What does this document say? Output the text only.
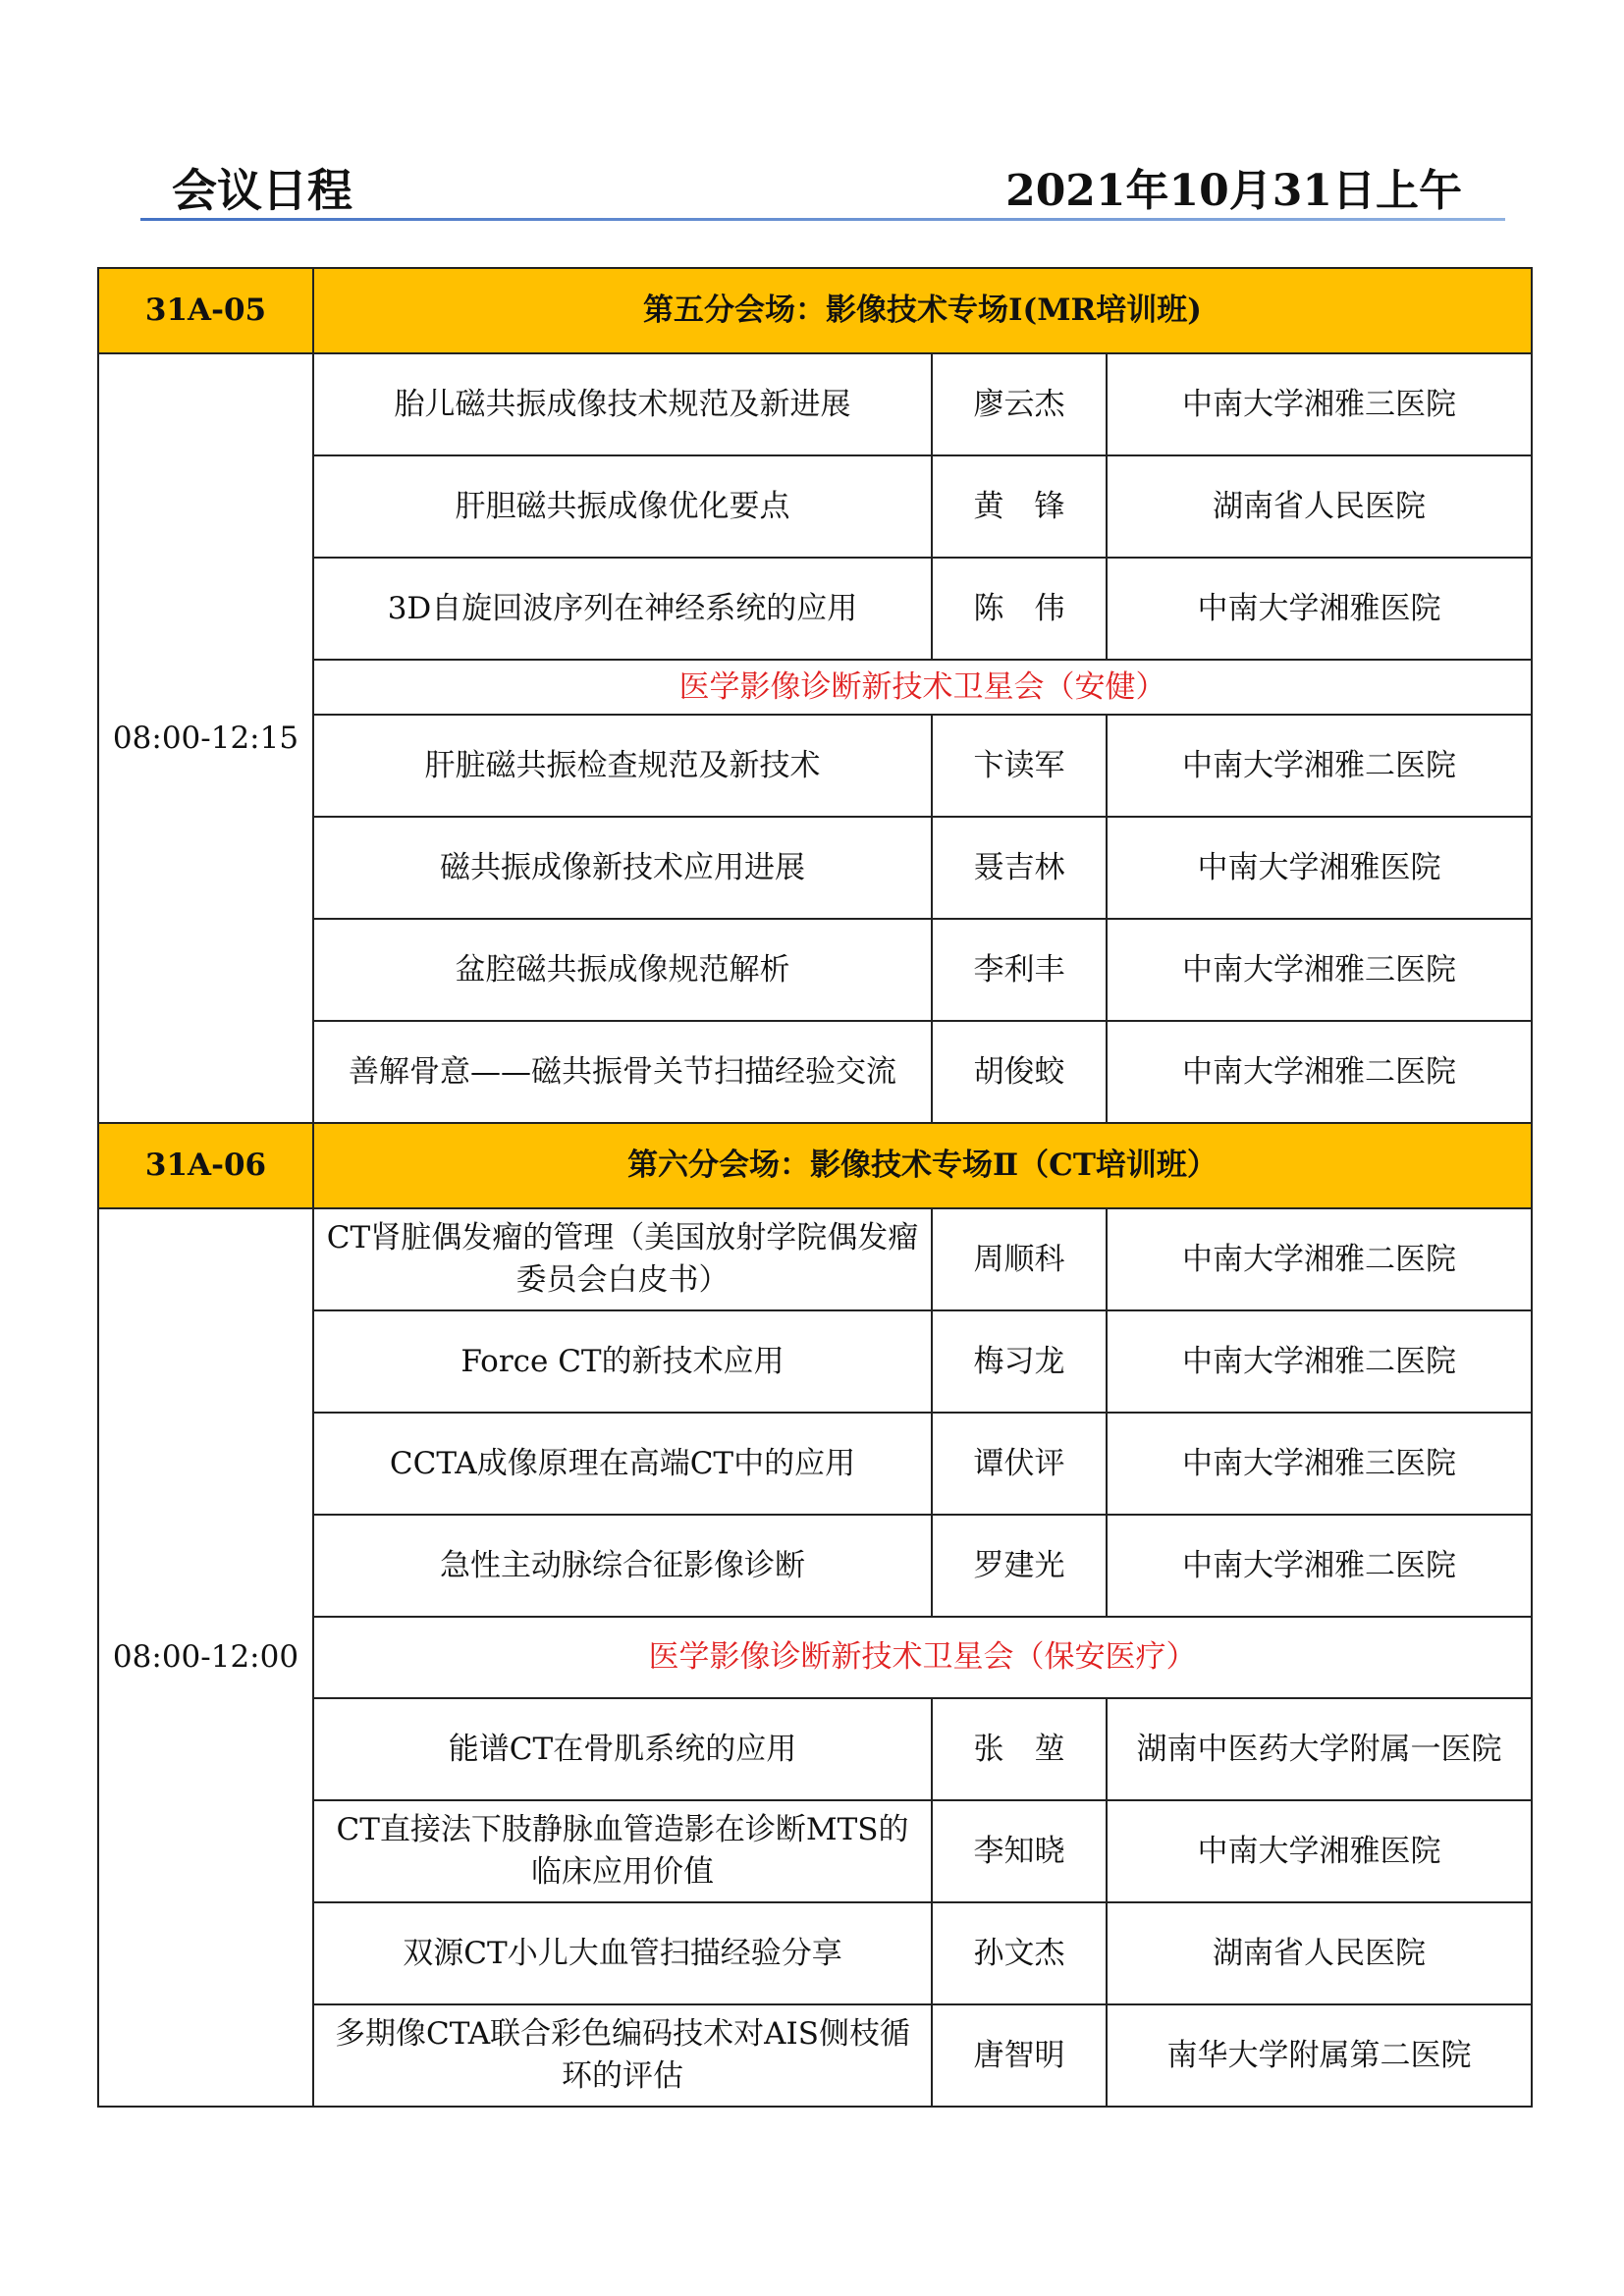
会议日程	2021年10月31日上午
31A-05	第五分会场：影像技术专场Ⅰ(MR培训班)		
08:00-12:15	胎儿磁共振成像技术规范及新进展	廖云杰	中南大学湘雅三医院
	肝胆磁共振成像优化要点	黄　锋	湖南省人民医院
	3D自旋回波序列在神经系统的应用	陈　伟	中南大学湘雅医院
	医学影像诊断新技术卫星会（安健）		
	肝脏磁共振检查规范及新技术	卞读军	中南大学湘雅二医院
	磁共振成像新技术应用进展	聂吉林	中南大学湘雅医院
	盆腔磁共振成像规范解析	李利丰	中南大学湘雅三医院
	善解骨意——磁共振骨关节扫描经验交流	胡俊蛟	中南大学湘雅二医院
31A-06	第六分会场：影像技术专场Ⅱ（CT培训班）		
08:00-12:00	CT肾脏偶发瘤的管理（美国放射学院偶发瘤委员会白皮书）	周顺科	中南大学湘雅二医院
	Force CT的新技术应用	梅习龙	中南大学湘雅二医院
	CCTA成像原理在高端CT中的应用	谭伏评	中南大学湘雅三医院
	急性主动脉综合征影像诊断	罗建光	中南大学湘雅二医院
	医学影像诊断新技术卫星会（保安医疗）		
	能谱CT在骨肌系统的应用	张　堃	湖南中医药大学附属一医院
	CT直接法下肢静脉血管造影在诊断MTS的临床应用价值	李知晓	中南大学湘雅医院
	双源CT小儿大血管扫描经验分享	孙文杰	湖南省人民医院
	多期像CTA联合彩色编码技术对AIS侧枝循环的评估	唐智明	南华大学附属第二医院
